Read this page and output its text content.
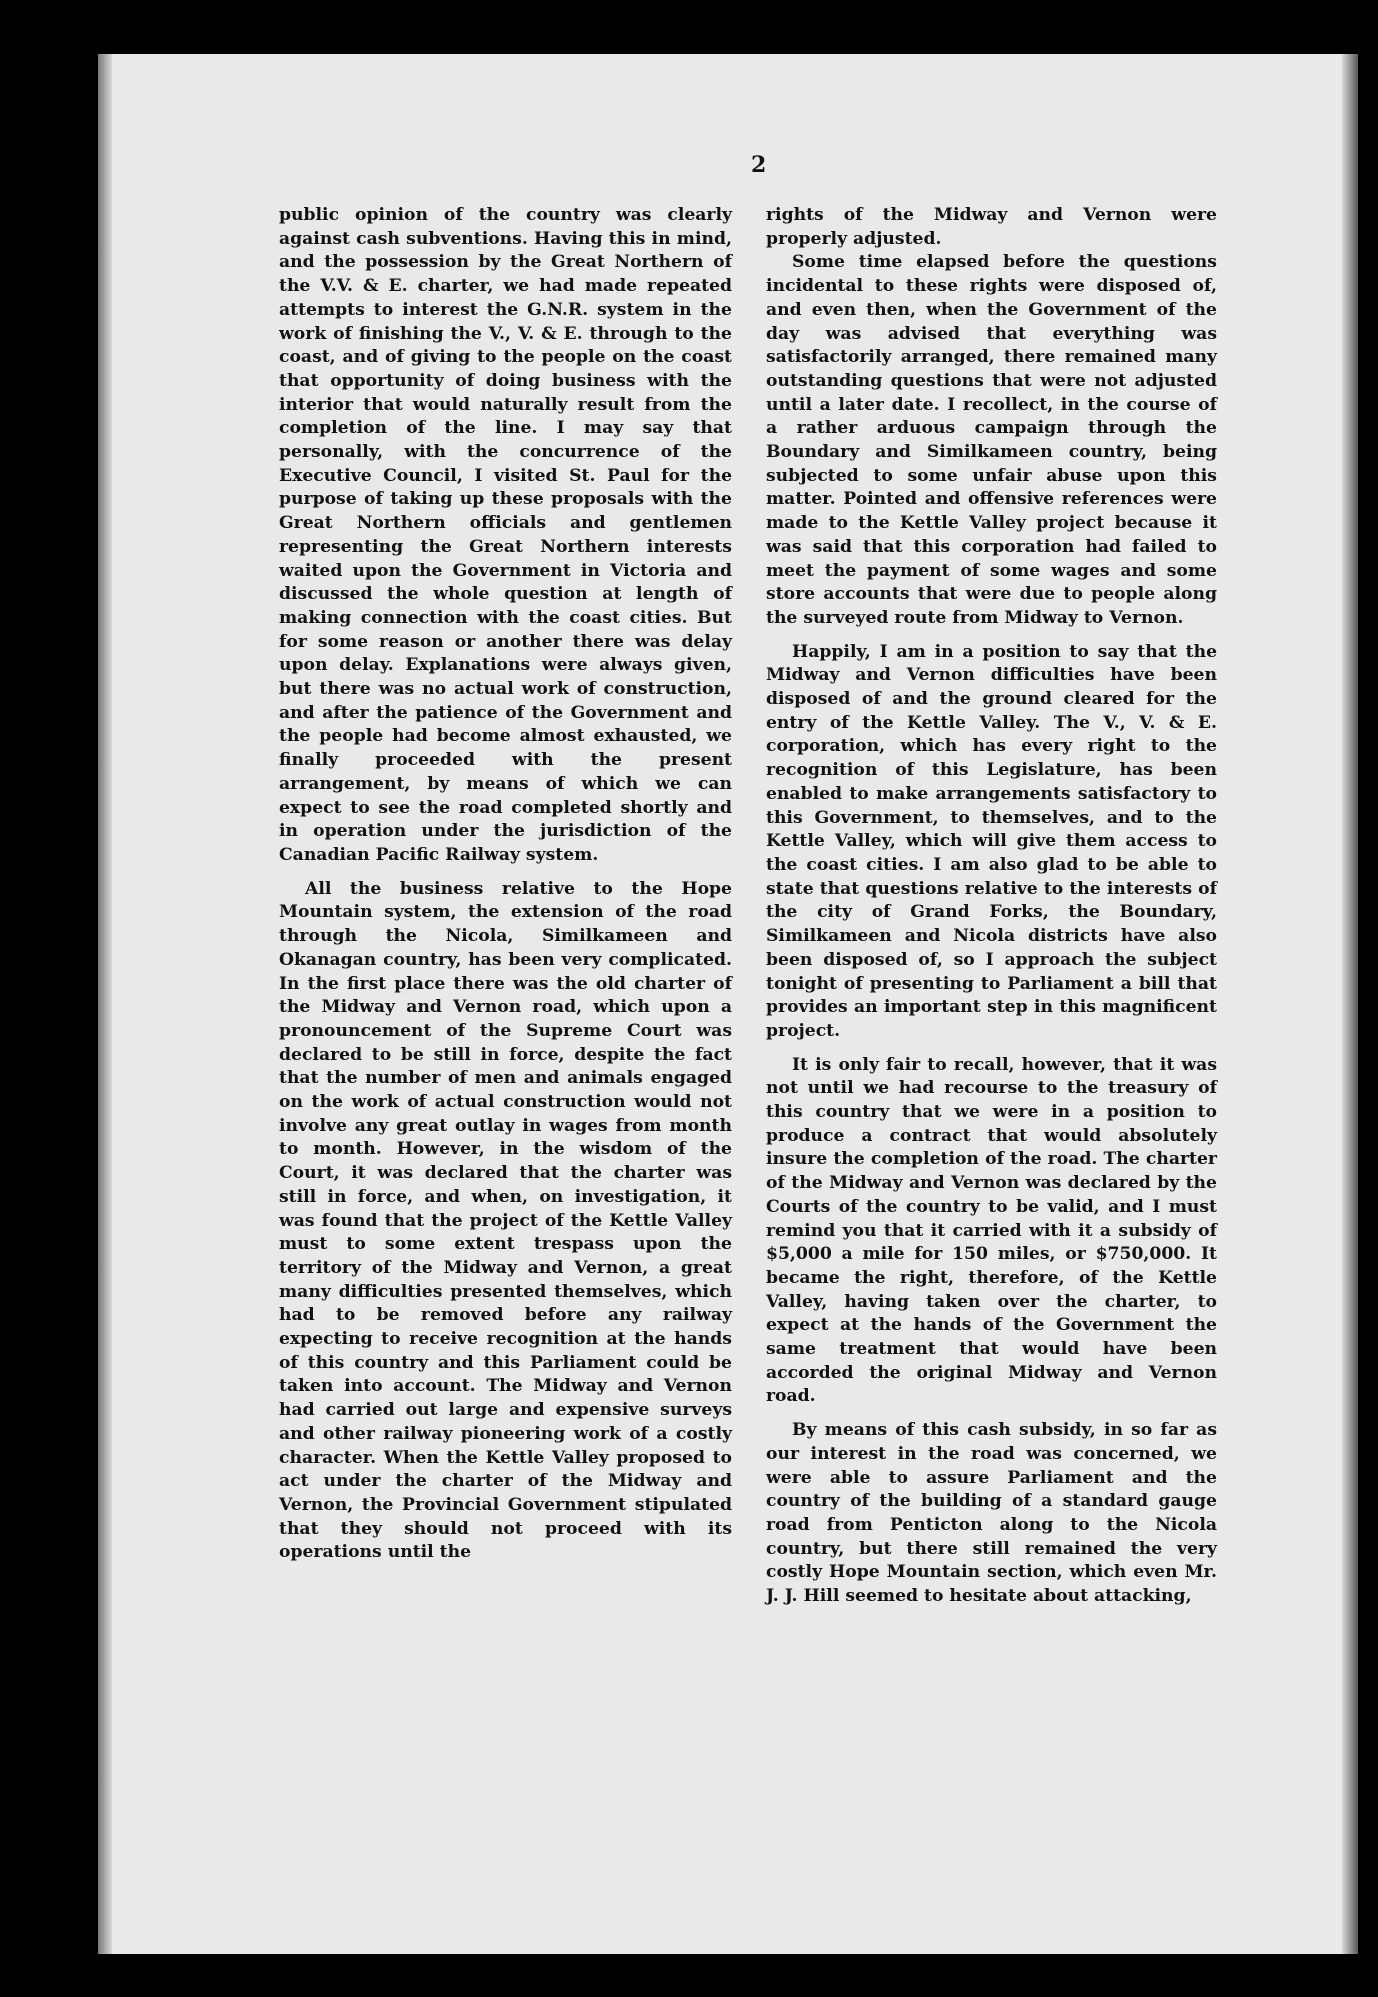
2

public opinion of the country was clearly against cash subventions. Having this in mind, and the possession by the Great Northern of the V.V. & E. charter, we had made repeated attempts to interest the G.N.R. system in the work of finishing the V., V. & E. through to the coast, and of giving to the people on the coast that opportunity of doing business with the interior that would naturally result from the completion of the line. I may say that personally, with the concurrence of the Executive Council, I visited St. Paul for the purpose of taking up these proposals with the Great Northern officials and gentlemen representing the Great Northern interests waited upon the Government in Victoria and discussed the whole question at length of making connection with the coast cities. But for some reason or another there was delay upon delay. Explanations were always given, but there was no actual work of construction, and after the patience of the Government and the people had become almost exhausted, we finally proceeded with the present arrangement, by means of which we can expect to see the road completed shortly and in operation under the jurisdiction of the Canadian Pacific Railway system.

All the business relative to the Hope Mountain system, the extension of the road through the Nicola, Similkameen and Okanagan country, has been very complicated. In the first place there was the old charter of the Midway and Vernon road, which upon a pronouncement of the Supreme Court was declared to be still in force, despite the fact that the number of men and animals engaged on the work of actual construction would not involve any great outlay in wages from month to month. However, in the wisdom of the Court, it was declared that the charter was still in force, and when, on investigation, it was found that the project of the Kettle Valley must to some extent trespass upon the territory of the Midway and Vernon, a great many difficulties presented themselves, which had to be removed before any railway expecting to receive recognition at the hands of this country and this Parliament could be taken into account. The Midway and Vernon had carried out large and expensive surveys and other railway pioneering work of a costly character. When the Kettle Valley proposed to act under the charter of the Midway and Vernon, the Provincial Government stipulated that they should not proceed with its operations until the

rights of the Midway and Vernon were properly adjusted.

Some time elapsed before the questions incidental to these rights were disposed of, and even then, when the Government of the day was advised that everything was satisfactorily arranged, there remained many outstanding questions that were not adjusted until a later date. I recollect, in the course of a rather arduous campaign through the Boundary and Similkameen country, being subjected to some unfair abuse upon this matter. Pointed and offensive references were made to the Kettle Valley project because it was said that this corporation had failed to meet the payment of some wages and some store accounts that were due to people along the surveyed route from Midway to Vernon.

Happily, I am in a position to say that the Midway and Vernon difficulties have been disposed of and the ground cleared for the entry of the Kettle Valley. The V., V. & E. corporation, which has every right to the recognition of this Legislature, has been enabled to make arrangements satisfactory to this Government, to themselves, and to the Kettle Valley, which will give them access to the coast cities. I am also glad to be able to state that questions relative to the interests of the city of Grand Forks, the Boundary, Similkameen and Nicola districts have also been disposed of, so I approach the subject tonight of presenting to Parliament a bill that provides an important step in this magnificent project.

It is only fair to recall, however, that it was not until we had recourse to the treasury of this country that we were in a position to produce a contract that would absolutely insure the completion of the road. The charter of the Midway and Vernon was declared by the Courts of the country to be valid, and I must remind you that it carried with it a subsidy of $5,000 a mile for 150 miles, or $750,000. It became the right, therefore, of the Kettle Valley, having taken over the charter, to expect at the hands of the Government the same treatment that would have been accorded the original Midway and Vernon road.

By means of this cash subsidy, in so far as our interest in the road was concerned, we were able to assure Parliament and the country of the building of a standard gauge road from Penticton along to the Nicola country, but there still remained the very costly Hope Mountain section, which even Mr. J. J. Hill seemed to hesitate about attacking,
